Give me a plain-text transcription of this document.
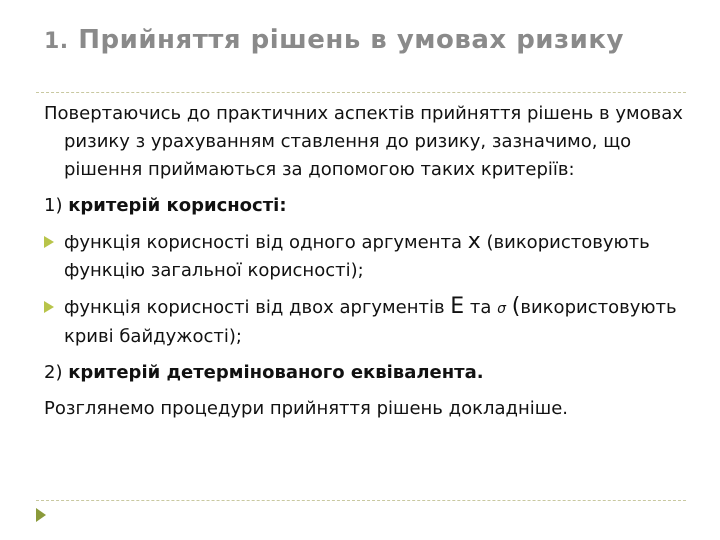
1. Прийняття рішень в умовах ризику

Повертаючись до практичних аспектів прийняття рішень в умовах ризику з урахуванням ставлення до ризику, зазначимо, що рішення приймаються за допомогою таких критеріїв:

1) критерій корисності:

функція корисності від одного аргумента x (використовують функцію загальної корисності);
функція корисності від двох аргументів E та σ (використовують криві байдужості);

2) критерій детермінованого еквівалента.

Розглянемо процедури прийняття рішень докладніше.
